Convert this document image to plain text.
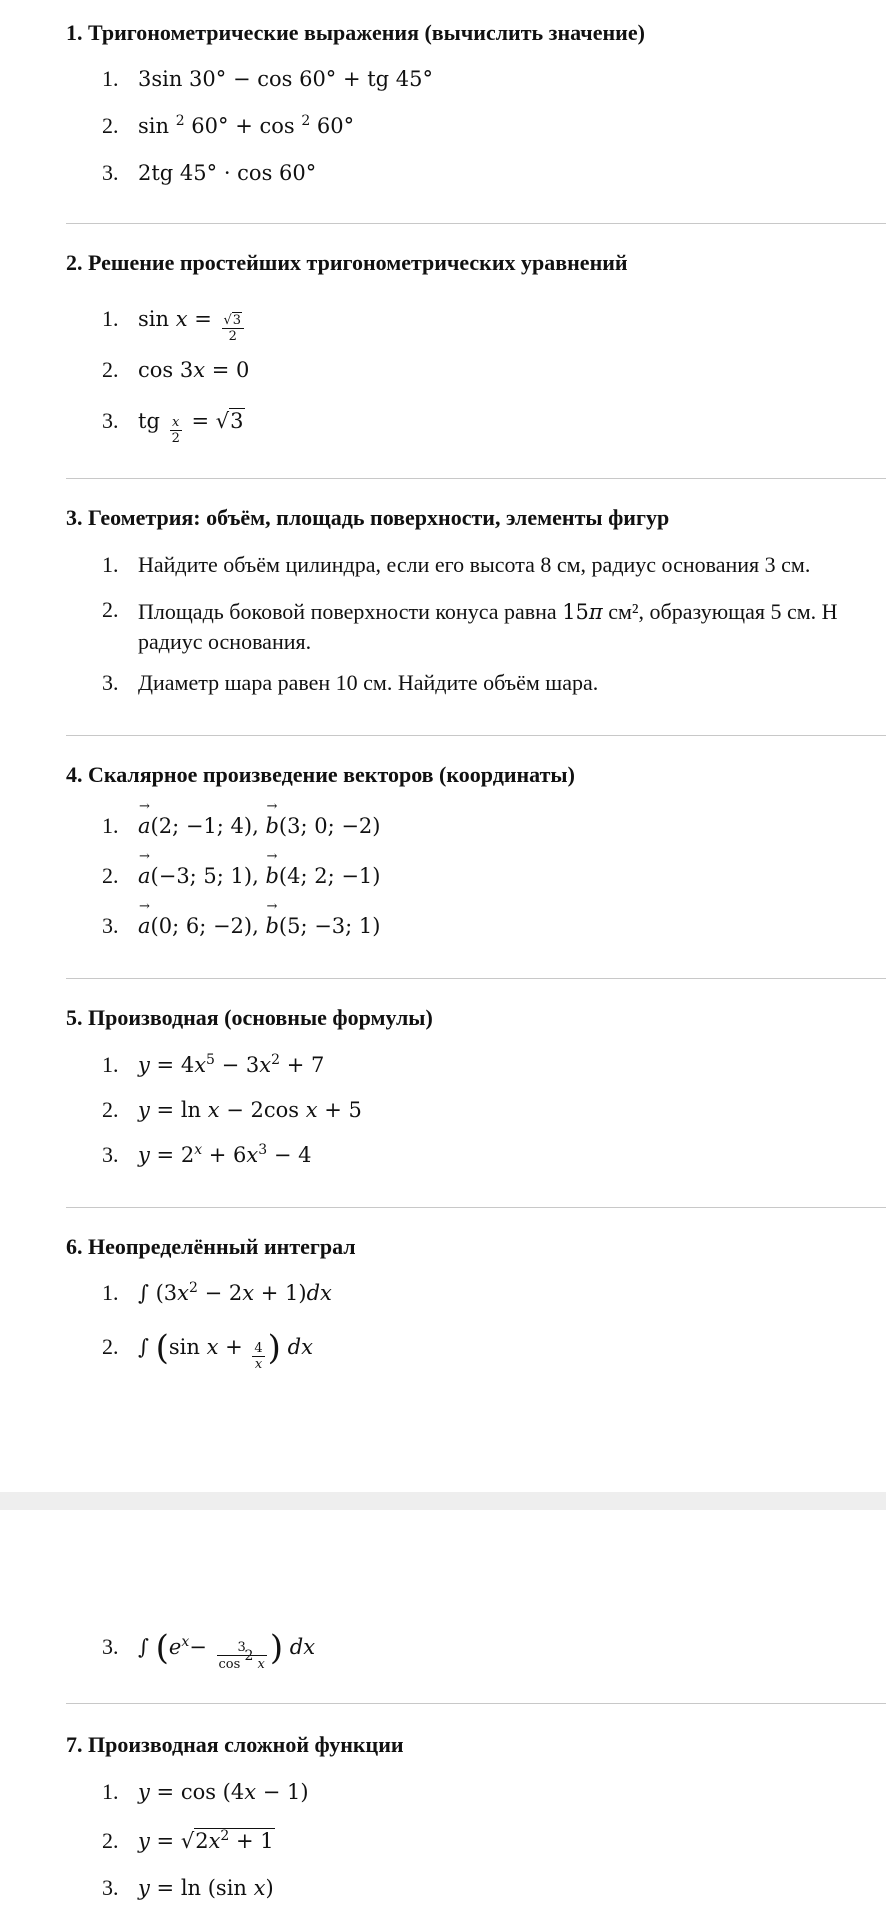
1. Тригонометрические выражения (вычислить значение)
1. 3sin 30° − cos 60° + tg 45°
2. sin $^2$ 60° + cos $^2$ 60°
3. 2tg 45° · cos 60°
2. Решение простейших тригонометрических уравнений
1. $\sin x = \frac{√3}{2}$
2. cos 3x = 0
3. tg $\frac{x}{2} = √3$
3. Геометрия: объём, площадь поверхности, элементы фигур
1. Найдите объём цилиндра, если его высота 8 см, радиус основания 3 см.
2. Площадь боковой поверхности конуса равна 15π см², образующая 5 см. Н
радиус основания.
3. Диаметр шара равен 10 см. Найдите объём шара.
4. Скалярное произведение векторов (координаты)
1. → a(2; −1; 4), → b(3; 0; −2)
2. → a(−3; 5; 1), → b(4; 2; −1)
3. → a(0; 6; −2), → b(5; −3; 1)
5. Производная (основные формулы)
1. $y = 4x^5 - 3x^2 + 7$
2. y = ln x − 2cos x + 5
3. $y = 2^x + 6x^3 - 4$
6. Неопределённый интеграл
1. ∫ $(3x^2 - 2x + 1)dx$
2. ∫ (sin $x + \frac{4}{x}$ ) dx
3. ∫ ($e^x- \frac{3}{\cos ^2 x}$ ) dx
7. Производная сложной функции
1. y = cos (4x − 1)
2. $y = √2x^2 + 1$
3. y = ln (sin x)
